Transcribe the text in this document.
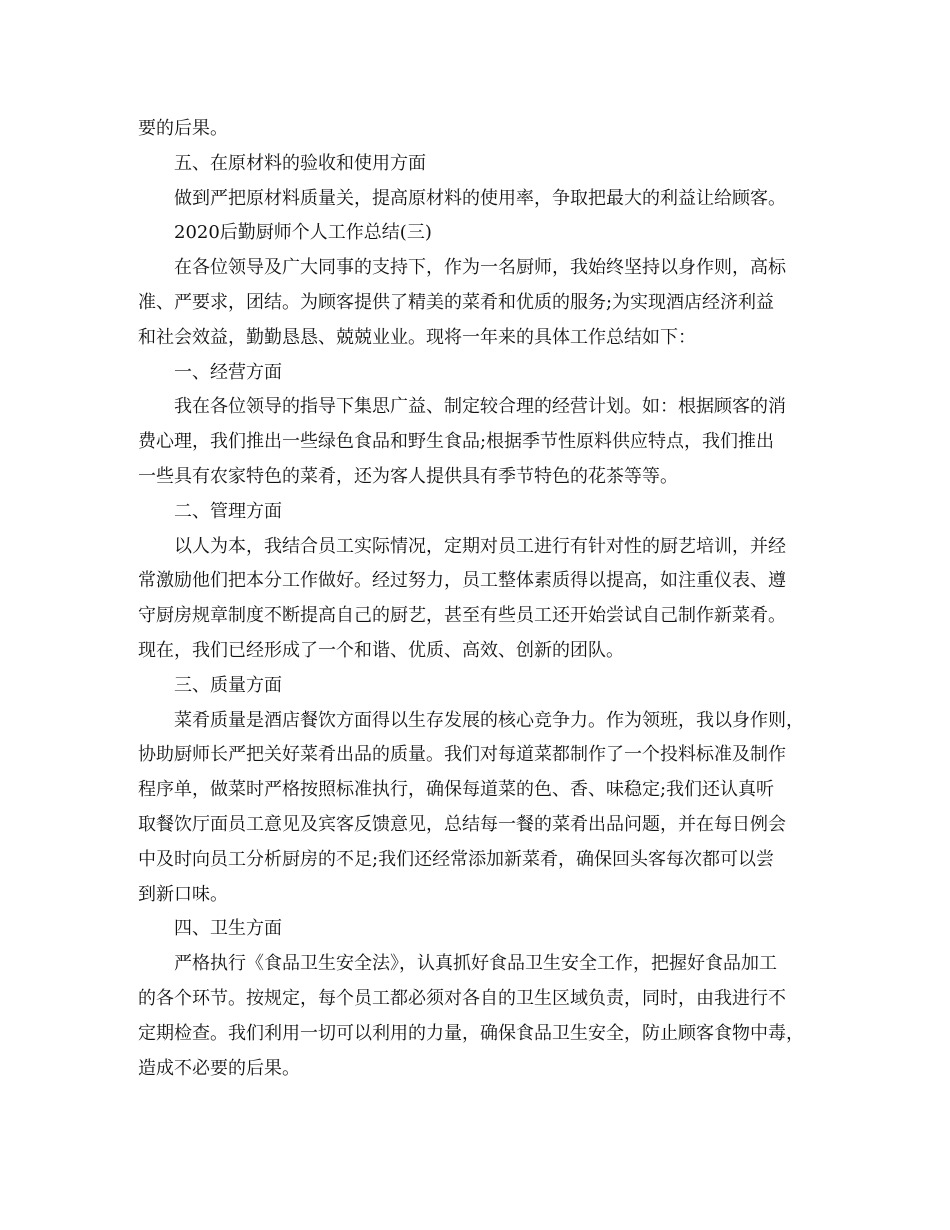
要的后果。
五、在原材料的验收和使用方面
做到严把原材料质量关，提高原材料的使用率，争取把最大的利益让给顾客。
2020后勤厨师个人工作总结(三)
在各位领导及广大同事的支持下，作为一名厨师，我始终坚持以身作则，高标
准、严要求，团结。为顾客提供了精美的菜肴和优质的服务;为实现酒店经济利益
和社会效益，勤勤恳恳、兢兢业业。现将一年来的具体工作总结如下：
一、经营方面
我在各位领导的指导下集思广益、制定较合理的经营计划。如：根据顾客的消
费心理，我们推出一些绿色食品和野生食品;根据季节性原料供应特点，我们推出
一些具有农家特色的菜肴，还为客人提供具有季节特色的花茶等等。
二、管理方面
以人为本，我结合员工实际情况，定期对员工进行有针对性的厨艺培训，并经
常激励他们把本分工作做好。经过努力，员工整体素质得以提高，如注重仪表、遵
守厨房规章制度不断提高自己的厨艺，甚至有些员工还开始尝试自己制作新菜肴。
现在，我们已经形成了一个和谐、优质、高效、创新的团队。
三、质量方面
菜肴质量是酒店餐饮方面得以生存发展的核心竞争力。作为领班，我以身作则，
协助厨师长严把关好菜肴出品的质量。我们对每道菜都制作了一个投料标准及制作
程序单，做菜时严格按照标准执行，确保每道菜的色、香、味稳定;我们还认真听
取餐饮厅面员工意见及宾客反馈意见，总结每一餐的菜肴出品问题，并在每日例会
中及时向员工分析厨房的不足;我们还经常添加新菜肴，确保回头客每次都可以尝
到新口味。
四、卫生方面
严格执行《食品卫生安全法》，认真抓好食品卫生安全工作，把握好食品加工
的各个环节。按规定，每个员工都必须对各自的卫生区域负责，同时，由我进行不
定期检查。我们利用一切可以利用的力量，确保食品卫生安全，防止顾客食物中毒，
造成不必要的后果。
